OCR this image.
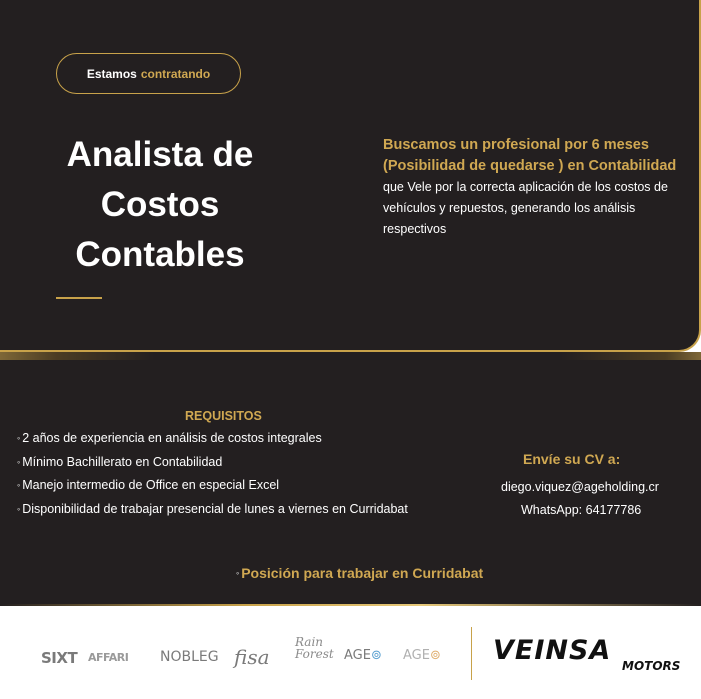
Estamos contratando
Analista de Costos Contables
Buscamos un profesional por 6 meses (Posibilidad de quedarse ) en Contabilidad que Vele por la correcta aplicación de los costos de vehículos y repuestos, generando los análisis respectivos
REQUISITOS
◦ 2 años de experiencia en análisis de costos integrales
◦ Mínimo Bachillerato en Contabilidad
◦ Manejo intermedio de Office en especial Excel
◦ Disponibilidad de trabajar presencial de lunes a viernes en Curridabat
Envíe su CV a:
diego.viquez@ageholding.cr
WhatsApp: 64177786
◦ Posición para trabajar en Curridabat
SIXT AFFARI NOBLEG fisa
Rain Forest AGE⊚ AGE⊚ VEINSA MOTORS
